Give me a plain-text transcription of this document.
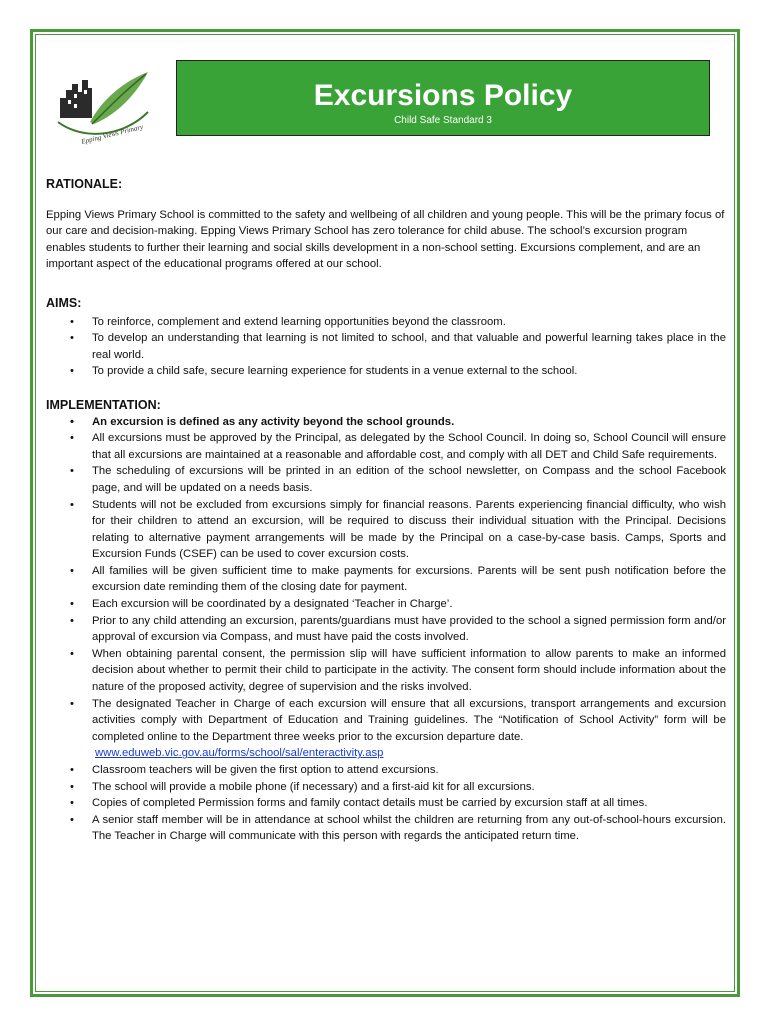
Epping Views Primary
Excursions Policy
Child Safe Standard 3
RATIONALE:

Epping Views Primary School is committed to the safety and wellbeing of all children and young people. This will be the primary focus of our care and decision-making. Epping Views Primary School has zero tolerance for child abuse. The school’s excursion program enables students to further their learning and social skills development in a non-school setting. Excursions complement, and are an important aspect of the educational programs offered at our school.

AIMS:
• To reinforce, complement and extend learning opportunities beyond the classroom.
• To develop an understanding that learning is not limited to school, and that valuable and powerful learning takes place in the real world.
• To provide a child safe, secure learning experience for students in a venue external to the school.
IMPLEMENTATION:
• An excursion is defined as any activity beyond the school grounds.
• All excursions must be approved by the Principal, as delegated by the School Council. In doing so, School Council will ensure that all excursions are maintained at a reasonable and affordable cost, and comply with all DET and Child Safe requirements.
• The scheduling of excursions will be printed in an edition of the school newsletter, on Compass and the school Facebook page, and will be updated on a needs basis.
• Students will not be excluded from excursions simply for financial reasons. Parents experiencing financial difficulty, who wish for their children to attend an excursion, will be required to discuss their individual situation with the Principal. Decisions relating to alternative payment arrangements will be made by the Principal on a case-by-case basis. Camps, Sports and Excursion Funds (CSEF) can be used to cover excursion costs.
• All families will be given sufficient time to make payments for excursions. Parents will be sent push notification before the excursion date reminding them of the closing date for payment.
• Each excursion will be coordinated by a designated ‘Teacher in Charge’.
• Prior to any child attending an excursion, parents/guardians must have provided to the school a signed permission form and/or approval of excursion via Compass, and must have paid the costs involved.
• When obtaining parental consent, the permission slip will have sufficient information to allow parents to make an informed decision about whether to permit their child to participate in the activity. The consent form should include information about the nature of the proposed activity, degree of supervision and the risks involved.
• The designated Teacher in Charge of each excursion will ensure that all excursions, transport arrangements and excursion activities comply with Department of Education and Training guidelines. The “Notification of School Activity” form will be completed online to the Department three weeks prior to the excursion departure date.
www.eduweb.vic.gov.au/forms/school/sal/enteractivity.asp
• Classroom teachers will be given the first option to attend excursions.
• The school will provide a mobile phone (if necessary) and a first-aid kit for all excursions.
• Copies of completed Permission forms and family contact details must be carried by excursion staff at all times.
• A senior staff member will be in attendance at school whilst the children are returning from any out-of-school-hours excursion. The Teacher in Charge will communicate with this person with regards the anticipated return time.
